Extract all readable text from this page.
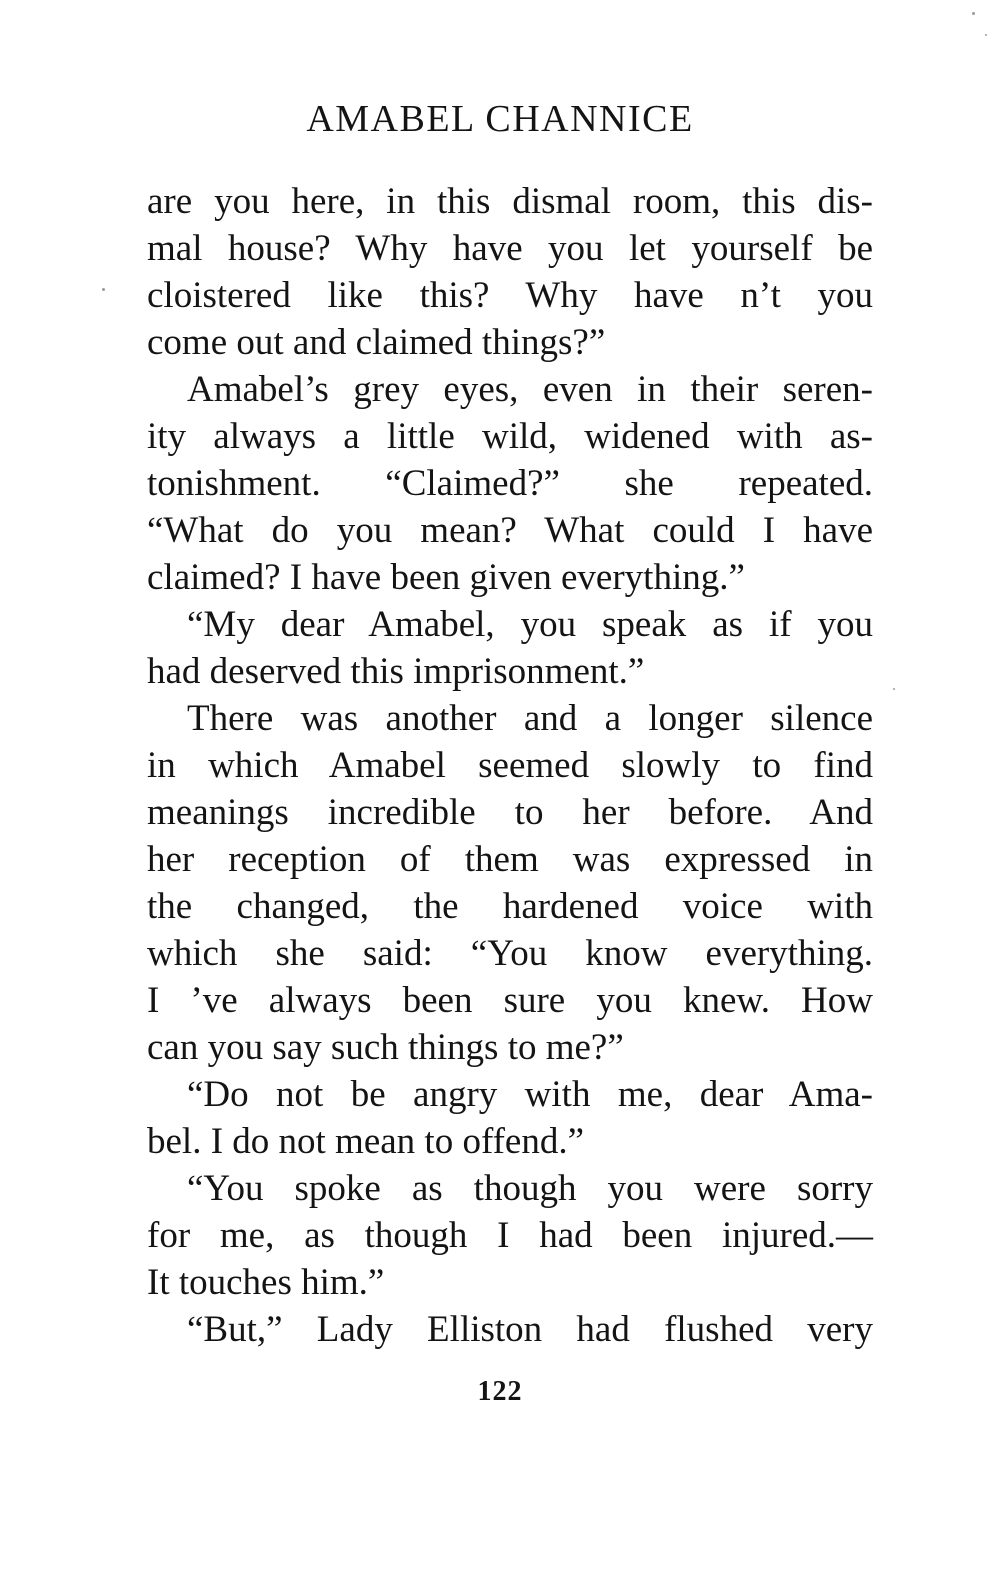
AMABEL CHANNICE
are you here, in this dismal room, this dis-
mal house? Why have you let yourself be
cloistered like this? Why have n’t you
come out and claimed things?”
Amabel’s grey eyes, even in their seren-
ity always a little wild, widened with as-
tonishment. “Claimed?” she repeated.
“What do you mean? What could I have
claimed? I have been given everything.”
“My dear Amabel, you speak as if you
had deserved this imprisonment.”
There was another and a longer silence
in which Amabel seemed slowly to find
meanings incredible to her before. And
her reception of them was expressed in
the changed, the hardened voice with
which she said: “You know everything.
I ’ve always been sure you knew. How
can you say such things to me?”
“Do not be angry with me, dear Ama-
bel. I do not mean to offend.”
“You spoke as though you were sorry
for me, as though I had been injured.—
It touches him.”
“But,” Lady Elliston had flushed very
122
